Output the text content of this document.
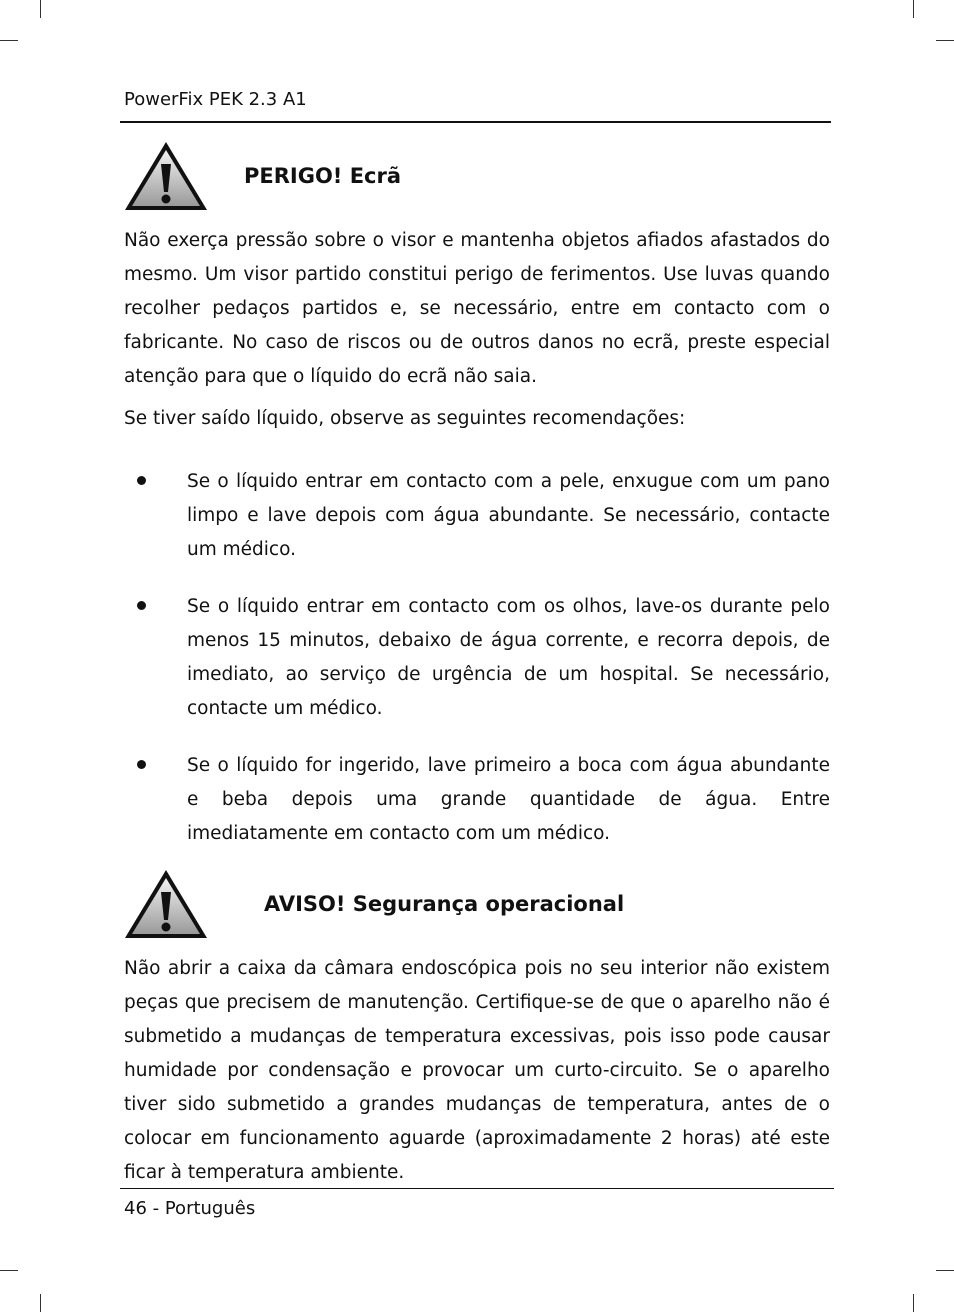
PowerFix PEK 2.3 A1
PERIGO! Ecrã

Não exerça pressão sobre o visor e mantenha objetos afiados afastados do mesmo. Um visor partido constitui perigo de ferimentos. Use luvas quando recolher pedaços partidos e, se necessário, entre em contacto com o fabricante. No caso de riscos ou de outros danos no ecrã, preste especial atenção para que o líquido do ecrã não saia.

Se tiver saído líquido, observe as seguintes recomendações:

Se o líquido entrar em contacto com a pele, enxugue com um pano limpo e lave depois com água abundante. Se necessário, contacte um médico.

Se o líquido entrar em contacto com os olhos, lave-os durante pelo menos 15 minutos, debaixo de água corrente, e recorra depois, de imediato, ao serviço de urgência de um hospital. Se necessário, contacte um médico.

Se o líquido for ingerido, lave primeiro a boca com água abundante e beba depois uma grande quantidade de água. Entre imediatamente em contacto com um médico.

AVISO! Segurança operacional

Não abrir a caixa da câmara endoscópica pois no seu interior não existem peças que precisem de manutenção. Certifique-se de que o aparelho não é submetido a mudanças de temperatura excessivas, pois isso pode causar humidade por condensação e provocar um curto-circuito. Se o aparelho tiver sido submetido a grandes mudanças de temperatura, antes de o colocar em funcionamento aguarde (aproximadamente 2 horas) até este ficar à temperatura ambiente.

46 - Português
